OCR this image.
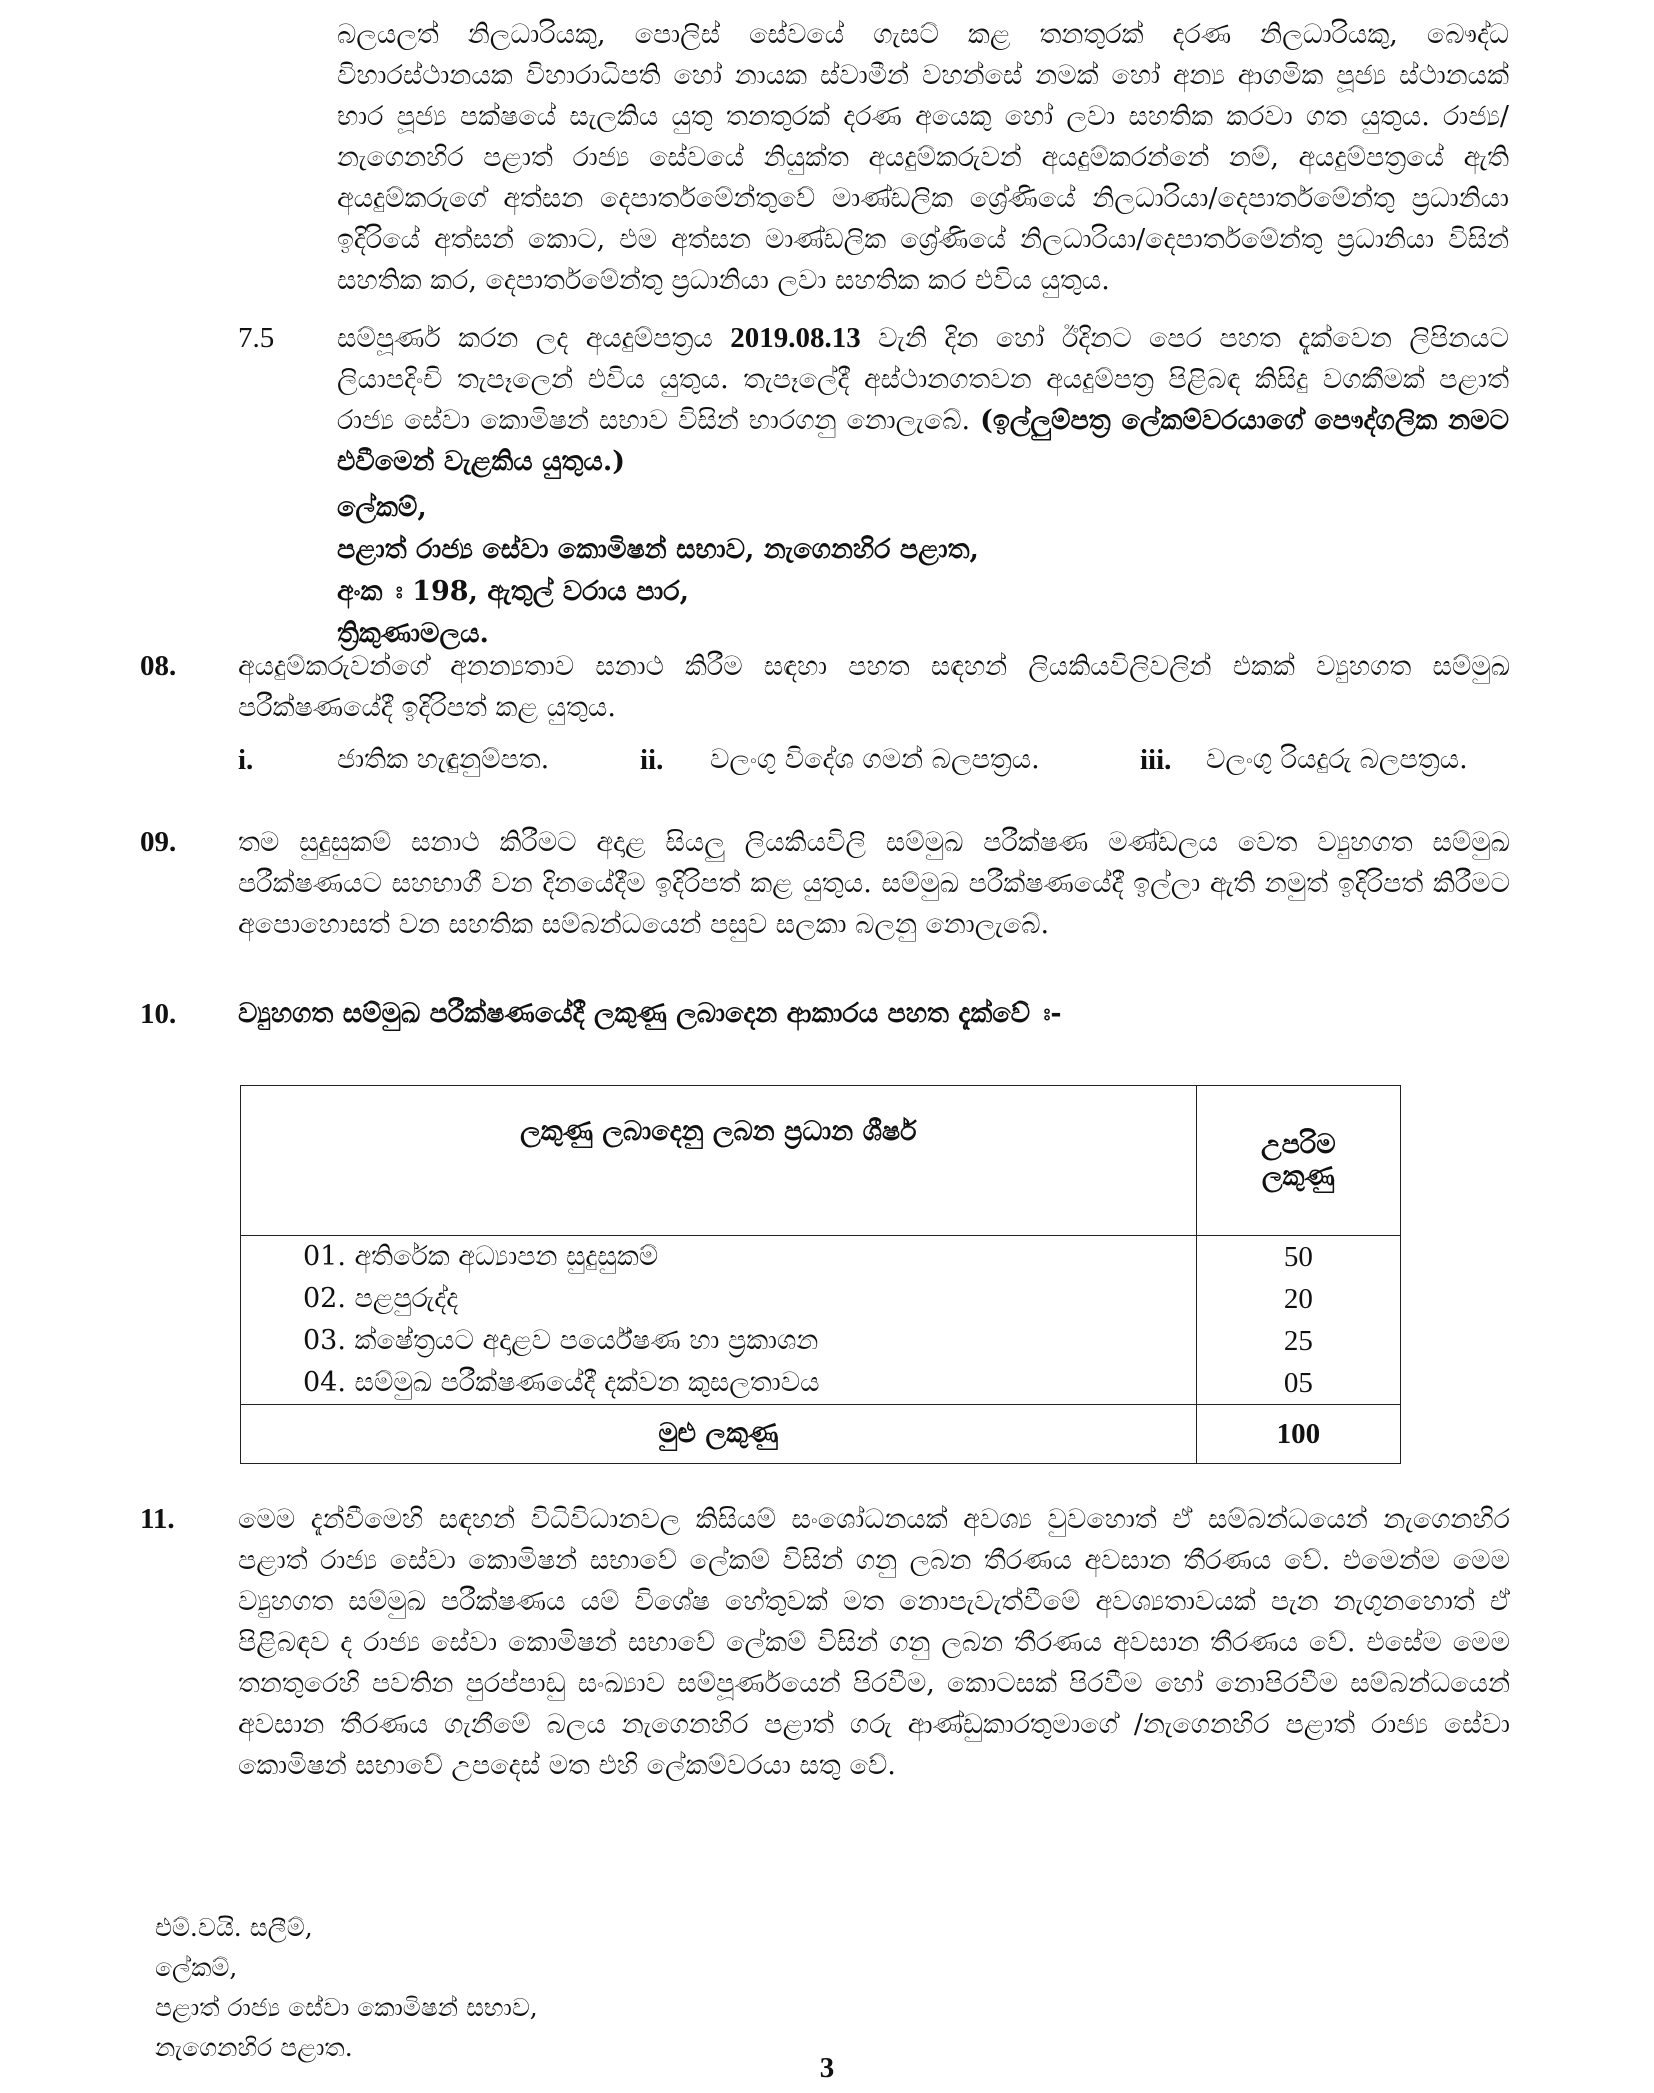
බලයලත් නිලධාරියකු, පොලිස් සේවයේ ගැසට් කළ තනතුරක් දරණ නිලධාරියකු, බෞද්ධ විහාරස්ථානයක විහාරාධිපති හෝ නායක ස්වාමීන් වහන්සේ නමක් හෝ අන්‍ය ආගමික පූජ්‍ය ස්ථානයක් භාර පූජ්‍ය පක්ෂයේ සැලකිය යුතු තනතුරක් දරණ අයෙකු හෝ ලවා සහතික කරවා ගත යුතුය. රාජ්‍ය/නැගෙනහිර පළාත් රාජ්‍ය සේවයේ නියුක්ත අයදුම්කරුවන් අයදුම්කරන්නේ නම්, අයදුම්පත්‍රයේ ඇති අයදුම්කරුගේ අත්සන දෙපාර්තමේන්තුවේ මාණ්ඩලික ශ්‍රේණියේ නිලධාරියා/දෙපාර්තමේන්තු ප්‍රධානියා ඉදිරියේ අත්සන් කොට, එම අත්සන මාණ්ඩලික ශ්‍රේණියේ නිලධාරියා/දෙපාර්තමේන්තු ප්‍රධානියා විසින් සහතික කර, දෙපාර්තමේන්තු ප්‍රධානියා ලවා සහතික කර එවිය යුතුය.

7.5 සම්පූර්ණ කරන ලද අයදුම්පත්‍රය 2019.08.13 වැනි දින හෝ ඊදිනට පෙර පහත දැක්වෙන ලිපිනයට ලියාපදිංචි තැපෑලෙන් එවිය යුතුය. තැපෑලේදී අස්ථානගතවන අයදුම්පත්‍ර පිළිබඳ කිසිදු වගකීමක් පළාත් රාජ්‍ය සේවා කොමිෂන් සභාව විසින් භාරගනු නොලැබේ. (ඉල්ලුම්පත්‍ර ලේකම්වරයාගේ පෞද්ගලික නමට එවීමෙන් වැළකිය යුතුය.)

ලේකම්,
පළාත් රාජ්‍ය සේවා කොමිෂන් සභාව, නැගෙනහිර පළාත,
අංක ඃ 198, ඇතුල් වරාය පාර,
ත්‍රිකුණාමලය.
08. අයදුම්කරුවන්ගේ අනන්‍යතාව සනාථ කිරීම සඳහා පහත සඳහන් ලියකියවිලිවලින් එකක් ව්‍යුහගත සම්මුඛ පරීක්ෂණයේදී ඉදිරිපත් කළ යුතුය.

i.	ජාතික හැඳුනුම්පත.	ii. වලංගු විදේශ ගමන් බලපත්‍රය.	iii. වලංගු රියදුරු බලපත්‍රය.
09. තම සුදුසුකම් සනාථ කිරීමට අදාළ සියලු ලියකියවිලි සම්මුඛ පරීක්ෂණ මණ්ඩලය වෙත ව්‍යුහගත සම්මුඛ පරීක්ෂණයට සහභාගී වන දිනයේදීම ඉදිරිපත් කළ යුතුය. සම්මුඛ පරීක්ෂණයේදී ඉල්ලා ඇති නමුත් ඉදිරිපත් කිරීමට අපොහොසත් වන සහතික සම්බන්ධයෙන් පසුව සලකා බලනු නොලැබේ.

10. ව්‍යුහගත සම්මුඛ පරීක්ෂණයේදී ලකුණු ලබාදෙන ආකාරය පහත දැක්වේ ඃ-
ලකුණු ලබාදෙනු ලබන ප්‍රධාන ශීර්ෂ	උපරිම
ලකුණු

01. අතිරේක අධ්‍යාපන සුදුසුකම්	50
02. පළපුරුද්ද	20
03. ක්ෂේත්‍රයට අදාළව පර්යේෂණ හා ප්‍රකාශන	25
04. සම්මුඛ පරීක්ෂණයේදී දක්වන කුසලතාවය	05
මුළු ලකුණු	100
11. මෙම දැන්වීමෙහි සඳහන් විධිවිධානවල කිසියම් සංශෝධනයක් අවශ්‍ය වුවහොත් ඒ සම්බන්ධයෙන් නැගෙනහිර පළාත් රාජ්‍ය සේවා කොමිෂන් සභාවේ ලේකම් විසින් ගනු ලබන තීරණය අවසාන තීරණය වේ. එමෙන්ම මෙම ව්‍යුහගත සම්මුඛ පරීක්ෂණය යම් විශේෂ හේතුවක් මත නොපැවැත්වීමේ අවශ්‍යතාවයක් පැන නැගුනහොත් ඒ පිළිබඳව ද රාජ්‍ය සේවා කොමිෂන් සභාවේ ලේකම් විසින් ගනු ලබන තීරණය අවසාන තීරණය වේ. එසේම මෙම තනතුරෙහි පවතින පුරප්පාඩු සංඛ්‍යාව සම්පූර්ණයෙන් පිරවීම, කොටසක් පිරවීම හෝ නොපිරවීම සම්බන්ධයෙන් අවසාන තීරණය ගැනීමේ බලය නැගෙනහිර පළාත් ගරු ආණ්ඩුකාරතුමාගේ /නැගෙනහිර පළාත් රාජ්‍ය සේවා කොමිෂන් සභාවේ උපදෙස් මත එහි ලේකම්වරයා සතු වේ.

එම්.වයි. සලීම්,
ලේකම්,
පළාත් රාජ්‍ය සේවා කොමිෂන් සභාව,
නැගෙනහිර පළාත.
3
